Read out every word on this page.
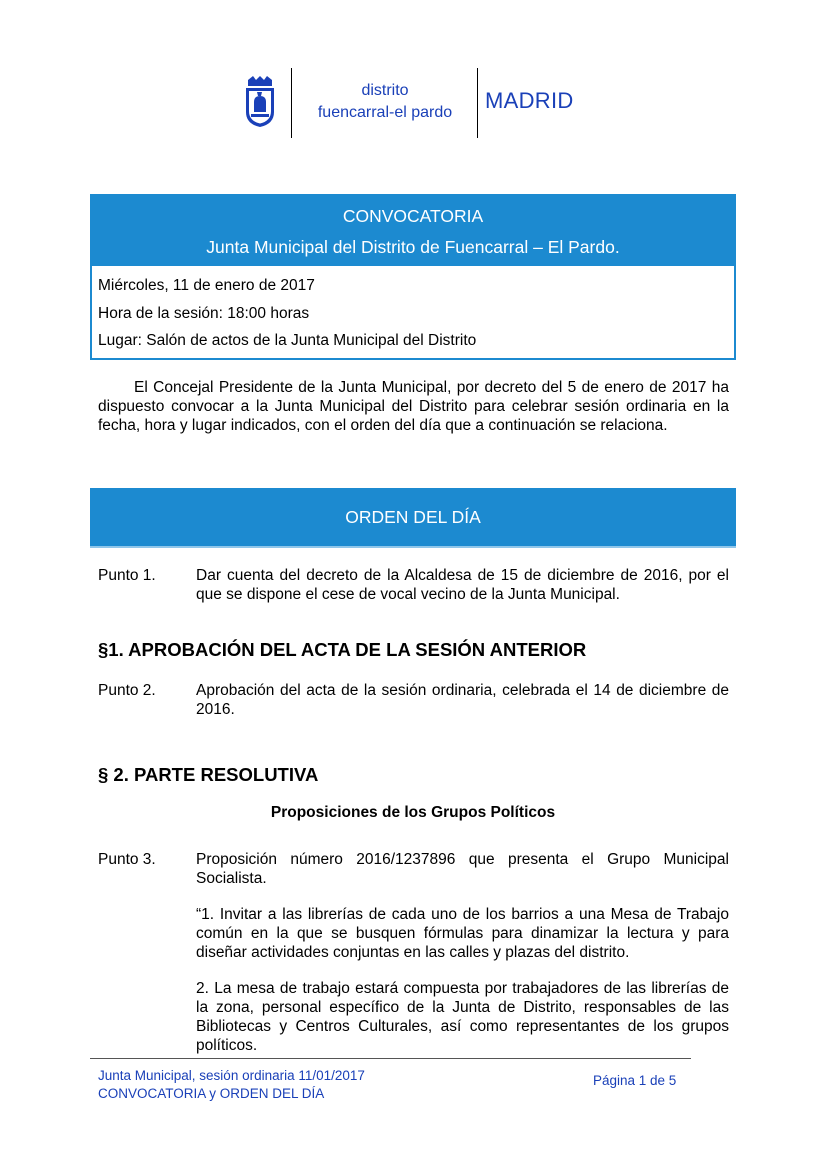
distrito
fuencarral-el pardo	MADRID
CONVOCATORIA
Junta Municipal del Distrito de Fuencarral – El Pardo.
Miércoles, 11 de enero de 2017
Hora de la sesión: 18:00 horas
Lugar: Salón de actos de la Junta Municipal del Distrito
El Concejal Presidente de la Junta Municipal, por decreto del 5 de enero de 2017 ha dispuesto convocar a la Junta Municipal del Distrito para celebrar sesión ordinaria en la fecha, hora y lugar indicados, con el orden del día que a continuación se relaciona.
ORDEN DEL DÍA
Punto 1.	Dar cuenta del decreto de la Alcaldesa de 15 de diciembre de 2016, por el que se dispone el cese de vocal vecino de la Junta Municipal.
§1. APROBACIÓN DEL ACTA DE LA SESIÓN ANTERIOR
Punto 2.	Aprobación del acta de la sesión ordinaria, celebrada el 14 de diciembre de 2016.
§ 2. PARTE RESOLUTIVA
Proposiciones de los Grupos Políticos
Punto 3.	Proposición número 2016/1237896 que presenta el Grupo Municipal Socialista.
“1. Invitar a las librerías de cada uno de los barrios a una Mesa de Trabajo común en la que se busquen fórmulas para dinamizar la lectura y para diseñar actividades conjuntas en las calles y plazas del distrito.
2. La mesa de trabajo estará compuesta por trabajadores de las librerías de la zona, personal específico de la Junta de Distrito, responsables de las Bibliotecas y Centros Culturales, así como representantes de los grupos políticos.
Junta Municipal, sesión ordinaria 11/01/2017
CONVOCATORIA y ORDEN DEL DÍA
Página 1 de 5
